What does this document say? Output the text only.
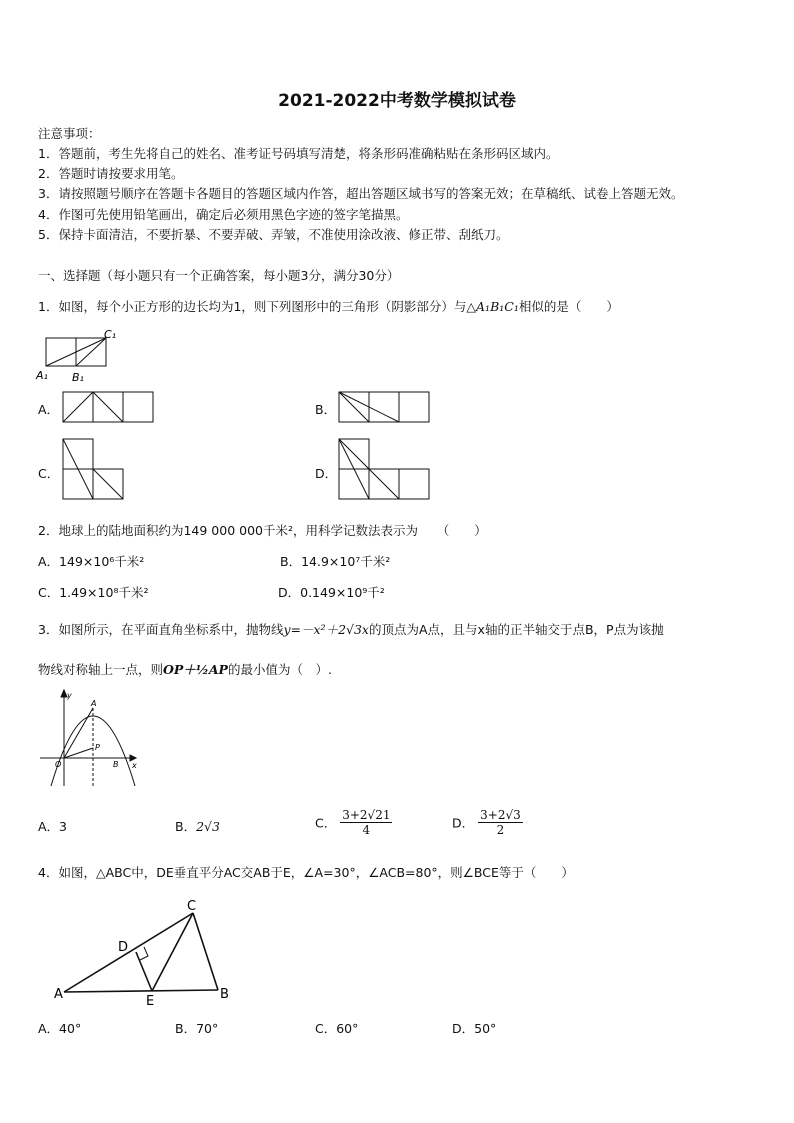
2021-2022中考数学模拟试卷
注意事项：
1．答题前，考生先将自己的姓名、准考证号码填写清楚，将条形码准确粘贴在条形码区域内。
2．答题时请按要求用笔。
3．请按照题号顺序在答题卡各题目的答题区域内作答，超出答题区域书写的答案无效；在草稿纸、试卷上答题无效。
4．作图可先使用铅笔画出，确定后必须用黑色字迹的签字笔描黑。
5．保持卡面清洁，不要折暴、不要弄破、弄皱，不准使用涂改液、修正带、刮纸刀。
一、选择题（每小题只有一个正确答案，每小题3分，满分30分）
1．如图，每个小正方形的边长均为1，则下列图形中的三角形（阴影部分）与△A₁B₁C₁相似的是（　　）
A₁ B₁
C₁
A．	B．
C．	D．
2．地球上的陆地面积约为149 000 000千米²，用科学记数法表示为　　（　　）
A．149×10⁶千米²	B．14.9×10⁷千米²
C．1.49×10⁸千米²	D．0.149×10⁹千²
3．如图所示，在平面直角坐标系中，抛物线y=－x²＋2√3x的顶点为A点，且与x轴的正半轴交于点B，P点为该抛
物线对称轴上一点，则OP＋½AP的最小值为（　）.
y
x
O
A
P
B
A．3	B．2√3	C． $\frac{3+2√21}{4}$	D． $\frac{3+2√3}{2}$
4．如图，△ABC中，DE垂直平分AC交AB于E，∠A=30°，∠ACB=80°，则∠BCE等于（　　）
A	B
C
D
E
A．40°	B．70°	C．60°	D．50°
